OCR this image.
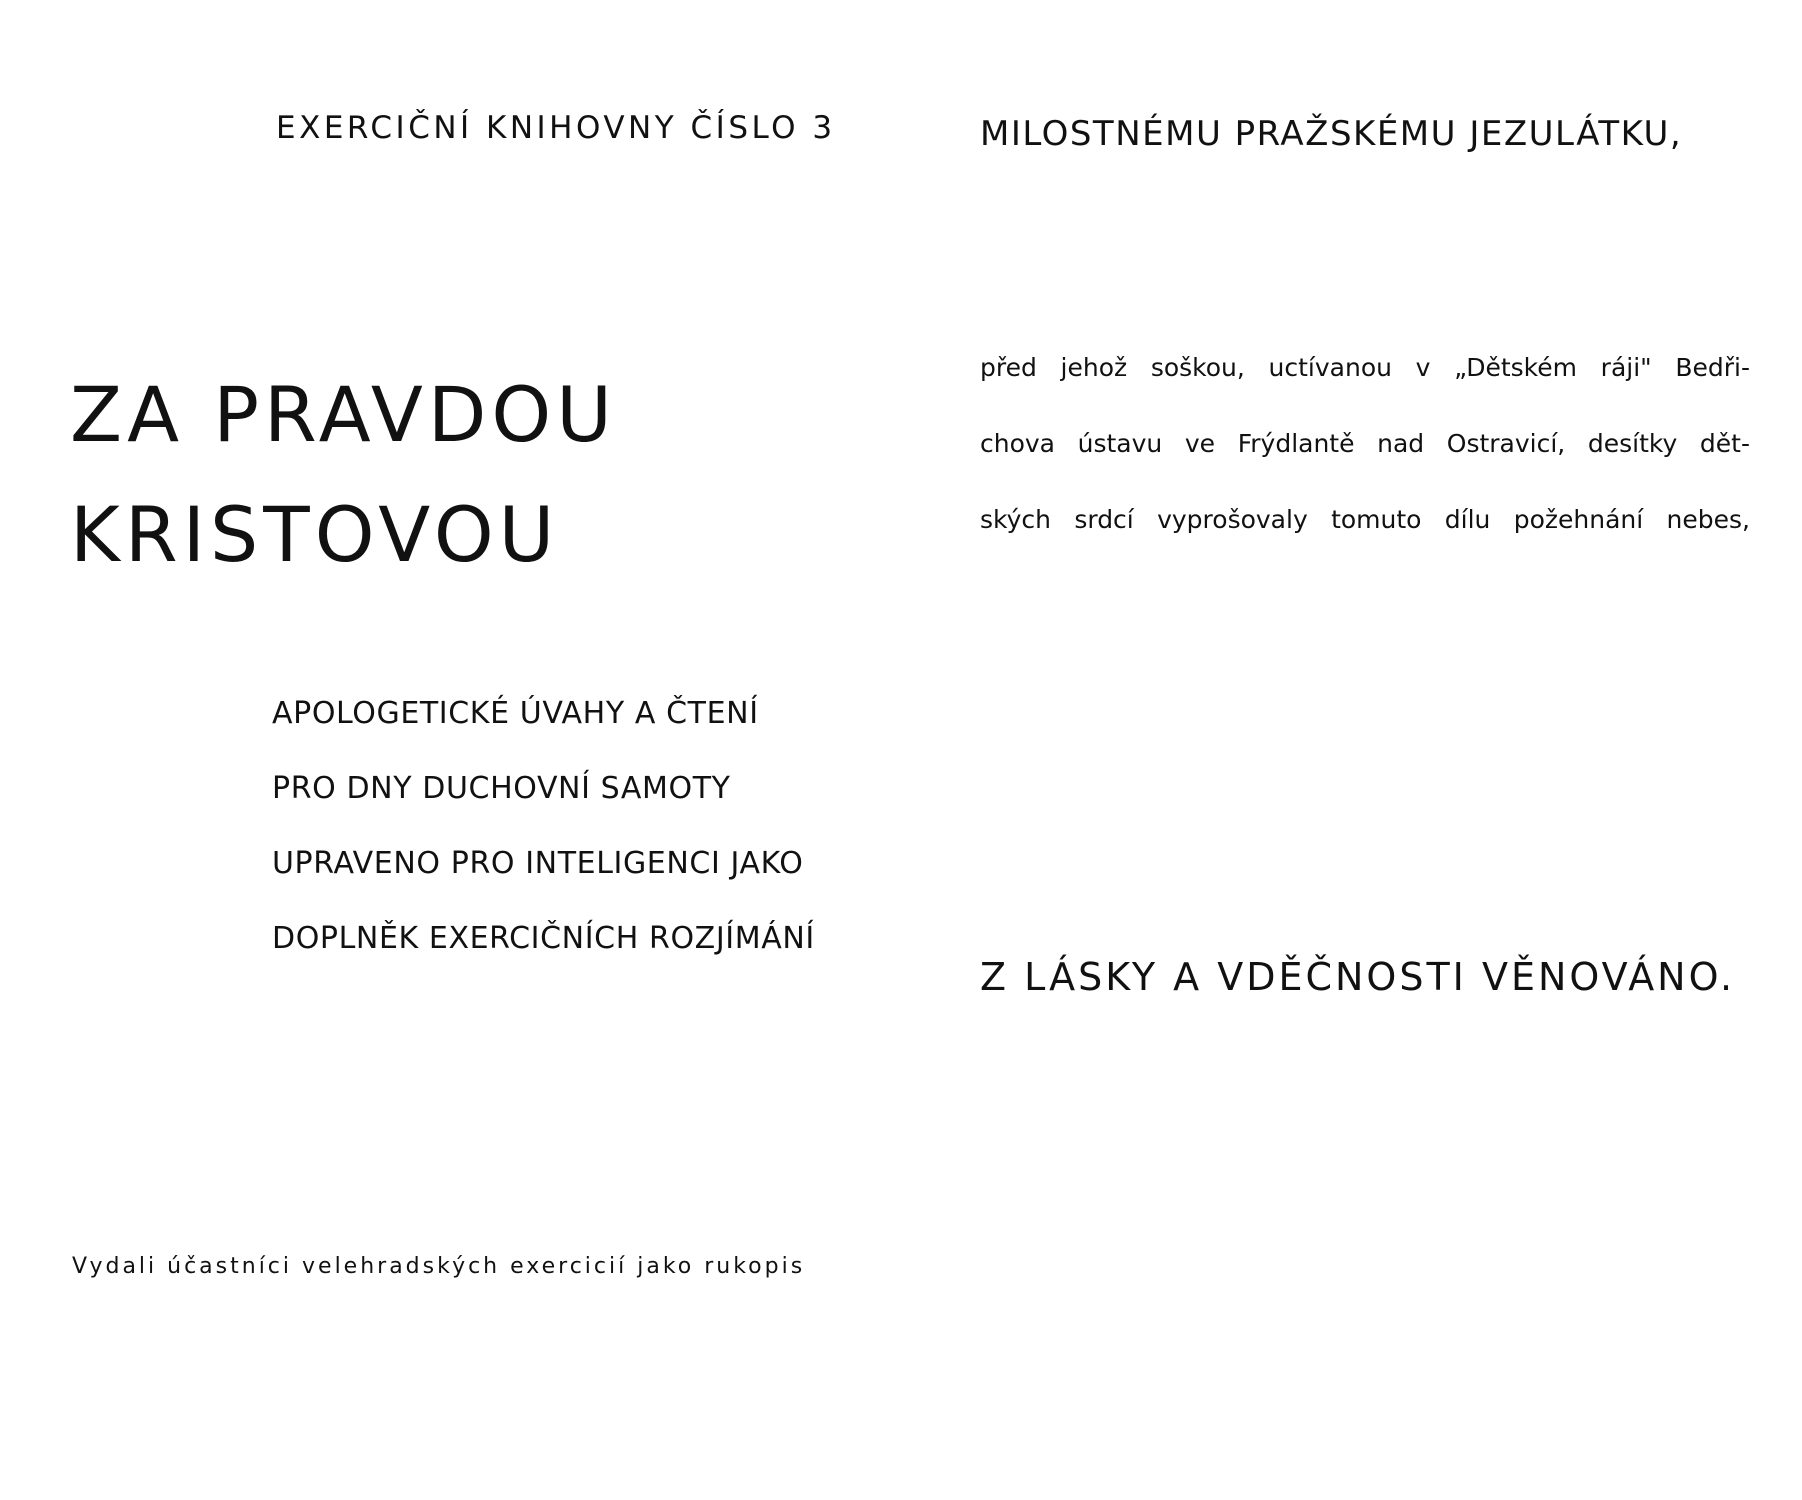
EXERCIČNÍ KNIHOVNY ČÍSLO 3
ZA PRAVDOU
KRISTOVOU
APOLOGETICKÉ ÚVAHY A ČTENÍ
PRO DNY DUCHOVNÍ SAMOTY
UPRAVENO PRO INTELIGENCI JAKO
DOPLNĚK EXERCIČNÍCH ROZJÍMÁNÍ
Vydali účastníci velehradských exercicií jako rukopis
MILOSTNÉMU PRAŽSKÉMU JEZULÁTKU,
před jehož soškou, uctívanou v „Dětském ráji" Bedři-
chova ústavu ve Frýdlantě nad Ostravicí, desítky dět-
ských srdcí vyprošovaly tomuto dílu požehnání nebes,
Z LÁSKY A VDĚČNOSTI VĚNOVÁNO.
